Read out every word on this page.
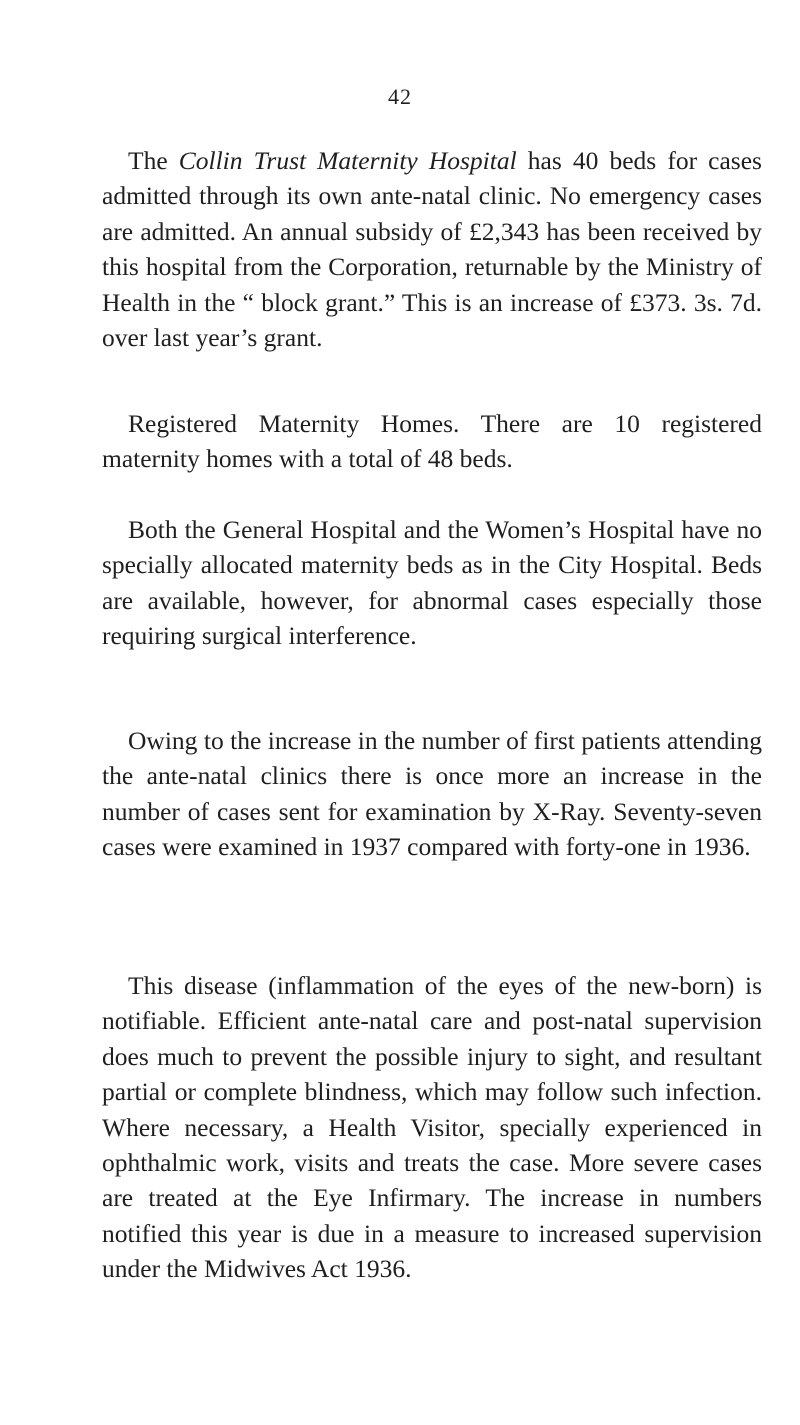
42

The Collin Trust Maternity Hospital has 40 beds for cases admitted through its own ante-natal clinic. No emergency cases are admitted. An annual subsidy of £2,343 has been received by this hospital from the Corporation, returnable by the Ministry of Health in the “ block grant.” This is an increase of £373. 3s. 7d. over last year’s grant.

Registered Maternity Homes. There are 10 registered maternity homes with a total of 48 beds.

Both the General Hospital and the Women’s Hospital have no specially allocated maternity beds as in the City Hospital. Beds are available, however, for abnormal cases especially those requiring surgical interference.

Owing to the increase in the number of first patients attending the ante-natal clinics there is once more an increase in the number of cases sent for examination by X-Ray. Seventy-seven cases were examined in 1937 compared with forty-one in 1936.

This disease (inflammation of the eyes of the new-born) is notifiable. Efficient ante-natal care and post-natal supervision does much to prevent the possible injury to sight, and resultant partial or complete blindness, which may follow such infection. Where necessary, a Health Visitor, specially experienced in ophthalmic work, visits and treats the case. More severe cases are treated at the Eye Infirmary. The increase in numbers notified this year is due in a measure to increased supervision under the Midwives Act 1936.
